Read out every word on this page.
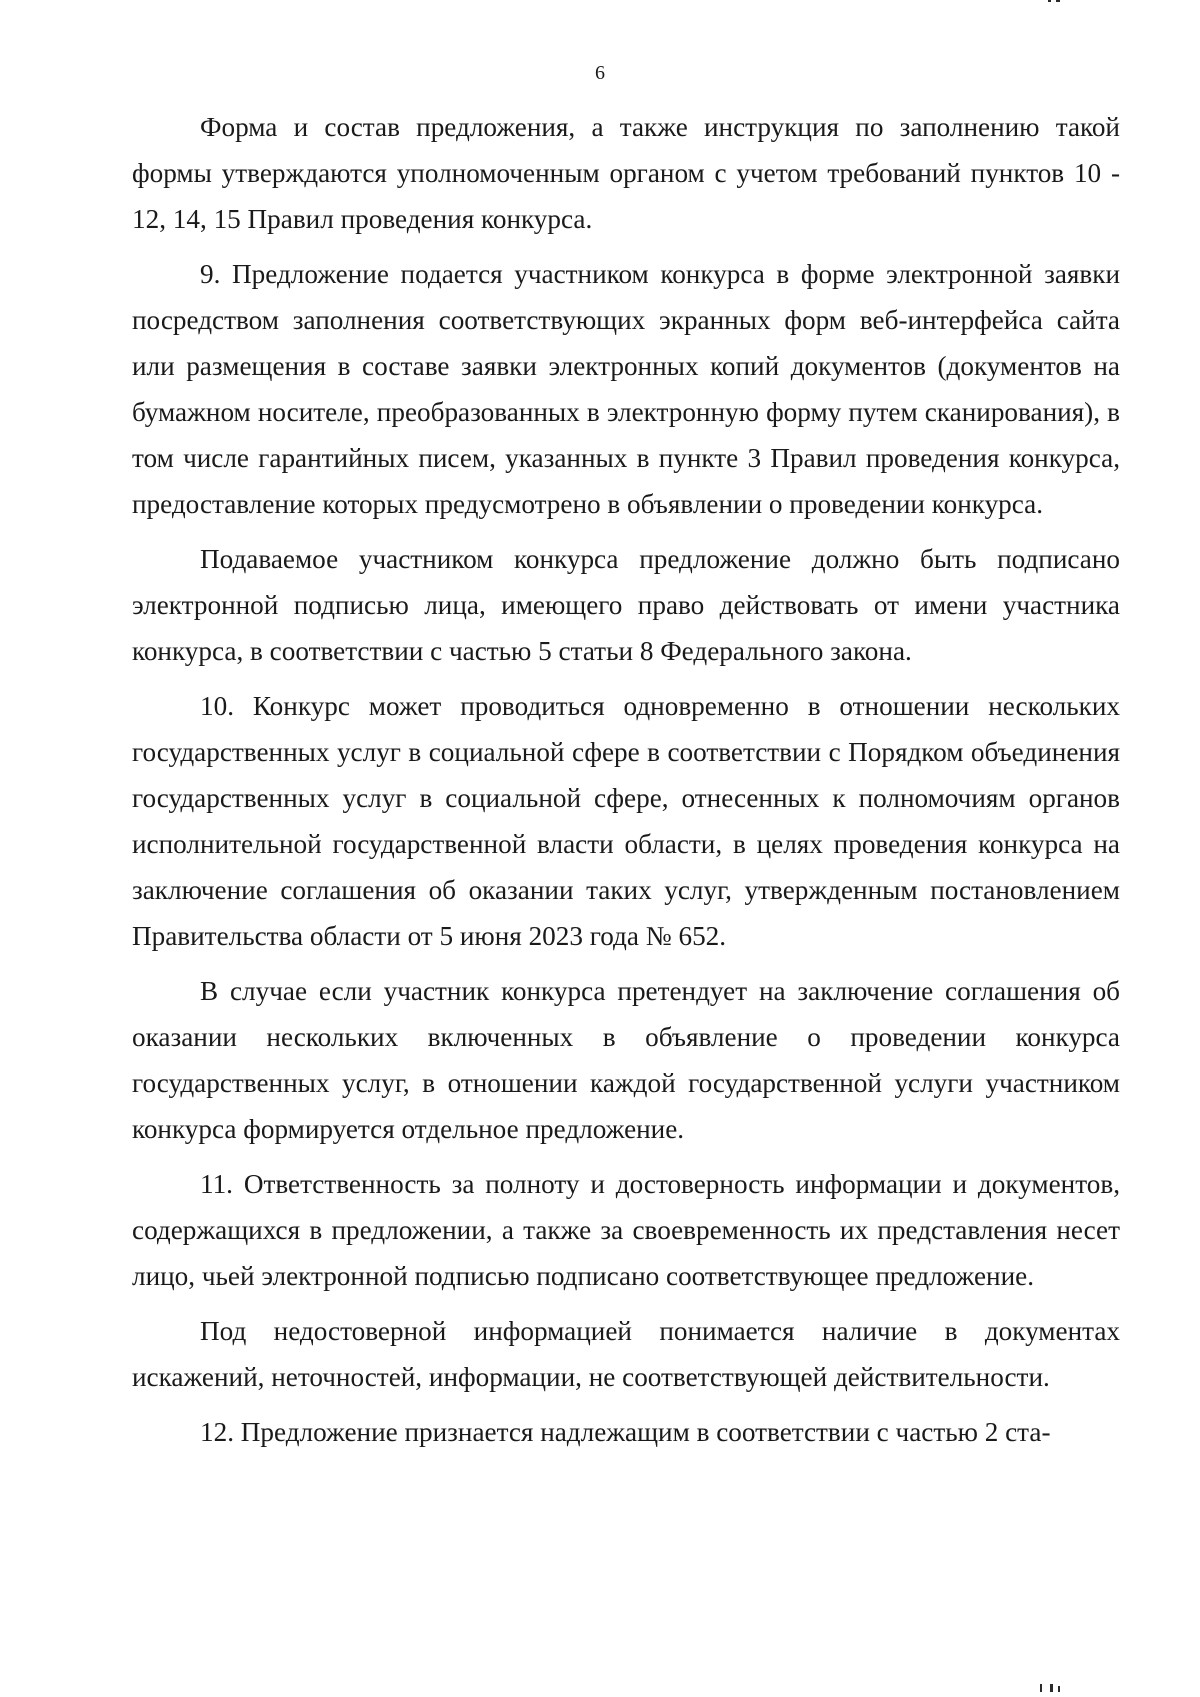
6

Форма и состав предложения, а также инструкция по заполнению такой формы утверждаются уполномоченным органом с учетом требований пунктов 10 - 12, 14, 15 Правил проведения конкурса.

9. Предложение подается участником конкурса в форме электронной заявки посредством заполнения соответствующих экранных форм веб-интерфейса сайта или размещения в составе заявки электронных копий документов (документов на бумажном носителе, преобразованных в электронную форму путем сканирования), в том числе гарантийных писем, указанных в пункте 3 Правил проведения конкурса, предоставление которых предусмотрено в объявлении о проведении конкурса.

Подаваемое участником конкурса предложение должно быть подписано электронной подписью лица, имеющего право действовать от имени участника конкурса, в соответствии с частью 5 статьи 8 Федерального закона.

10. Конкурс может проводиться одновременно в отношении нескольких государственных услуг в социальной сфере в соответствии с Порядком объединения государственных услуг в социальной сфере, отнесенных к полномочиям органов исполнительной государственной власти области, в целях проведения конкурса на заключение соглашения об оказании таких услуг, утвержденным постановлением Правительства области от 5 июня 2023 года № 652.

В случае если участник конкурса претендует на заключение соглашения об оказании нескольких включенных в объявление о проведении конкурса государственных услуг, в отношении каждой государственной услуги участником конкурса формируется отдельное предложение.

11. Ответственность за полноту и достоверность информации и документов, содержащихся в предложении, а также за своевременность их представления несет лицо, чьей электронной подписью подписано соответствующее предложение.

Под недостоверной информацией понимается наличие в документах искажений, неточностей, информации, не соответствующей действительности.

12. Предложение признается надлежащим в соответствии с частью 2 ста-
